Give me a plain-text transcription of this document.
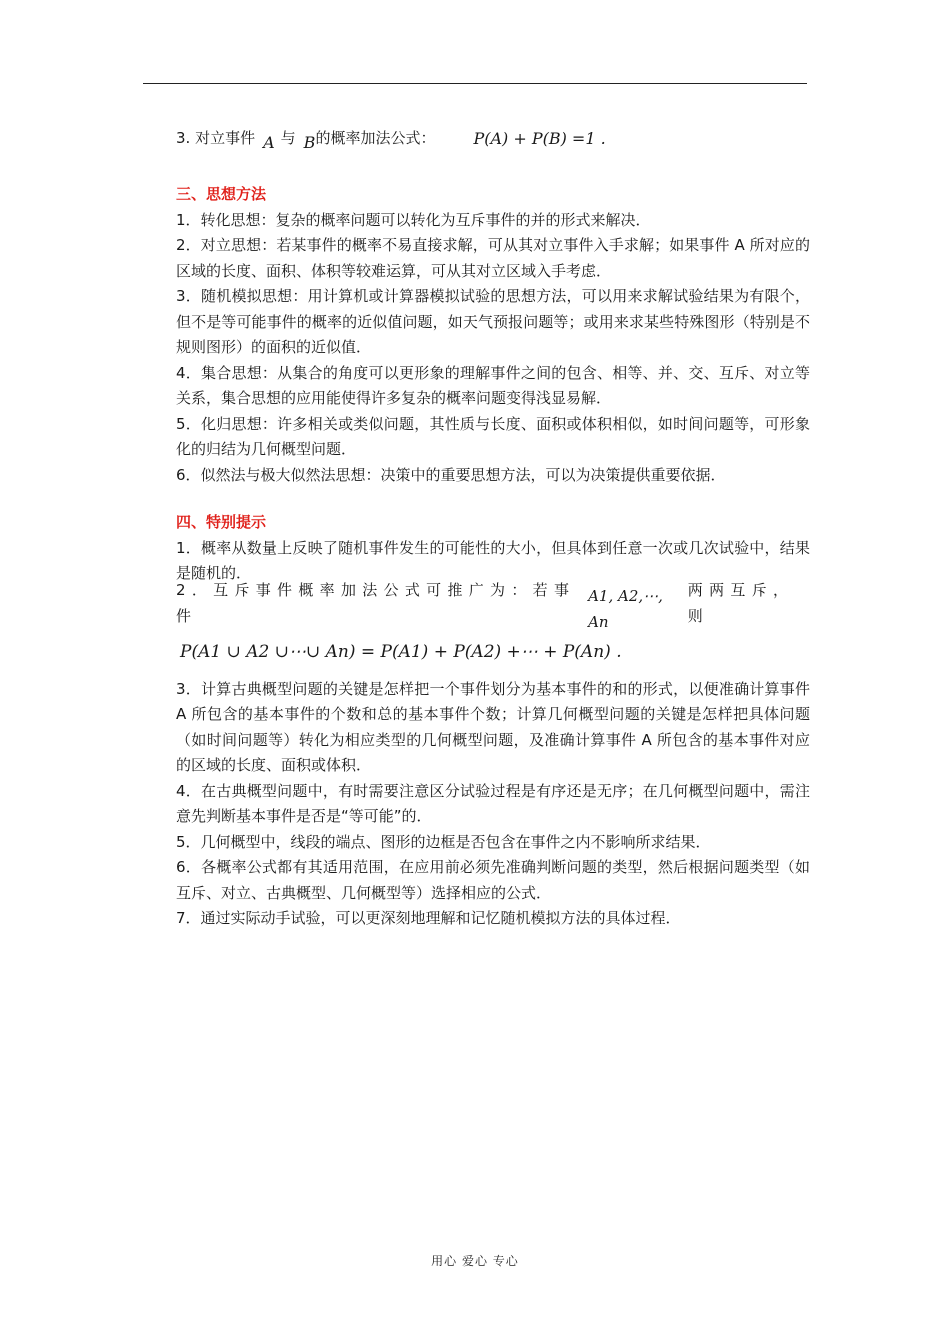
3. 对立事件 A 与 B 的概率加法公式： P(A) + P(B) =1 .

三、思想方法

1．转化思想：复杂的概率问题可以转化为互斥事件的并的形式来解决．

2．对立思想：若某事件的概率不易直接求解，可从其对立事件入手求解；如果事件 A 所对应的区域的长度、面积、体积等较难运算，可从其对立区域入手考虑．

3．随机模拟思想：用计算机或计算器模拟试验的思想方法，可以用来求解试验结果为有限个，但不是等可能事件的概率的近似值问题，如天气预报问题等；或用来求某些特殊图形（特别是不规则图形）的面积的近似值．

4．集合思想：从集合的角度可以更形象的理解事件之间的包含、相等、并、交、互斥、对立等关系，集合思想的应用能使得许多复杂的概率问题变得浅显易解．

5．化归思想：许多相关或类似问题，其性质与长度、面积或体积相似，如时间问题等，可形象化的归结为几何概型问题．

6．似然法与极大似然法思想：决策中的重要思想方法，可以为决策提供重要依据．

四、特别提示

1．概率从数量上反映了随机事件发生的可能性的大小，但具体到任意一次或几次试验中，结果是随机的．

2．互斥事件概率加法公式可推广为：若事件
A1, A2,⋯, An
两两互斥，则
P(A1 ∪ A2 ∪⋯∪ An) = P(A1) + P(A2) +⋯ + P(An) .

3．计算古典概型问题的关键是怎样把一个事件划分为基本事件的和的形式，以便准确计算事件 A 所包含的基本事件的个数和总的基本事件个数；计算几何概型问题的关键是怎样把具体问题（如时间问题等）转化为相应类型的几何概型问题，及准确计算事件 A 所包含的基本事件对应的区域的长度、面积或体积．

4．在古典概型问题中，有时需要注意区分试验过程是有序还是无序；在几何概型问题中，需注意先判断基本事件是否是“等可能”的．

5．几何概型中，线段的端点、图形的边框是否包含在事件之内不影响所求结果．

6．各概率公式都有其适用范围，在应用前必须先准确判断问题的类型，然后根据问题类型（如互斥、对立、古典概型、几何概型等）选择相应的公式．

7．通过实际动手试验，可以更深刻地理解和记忆随机模拟方法的具体过程．

用心 爱心 专心
